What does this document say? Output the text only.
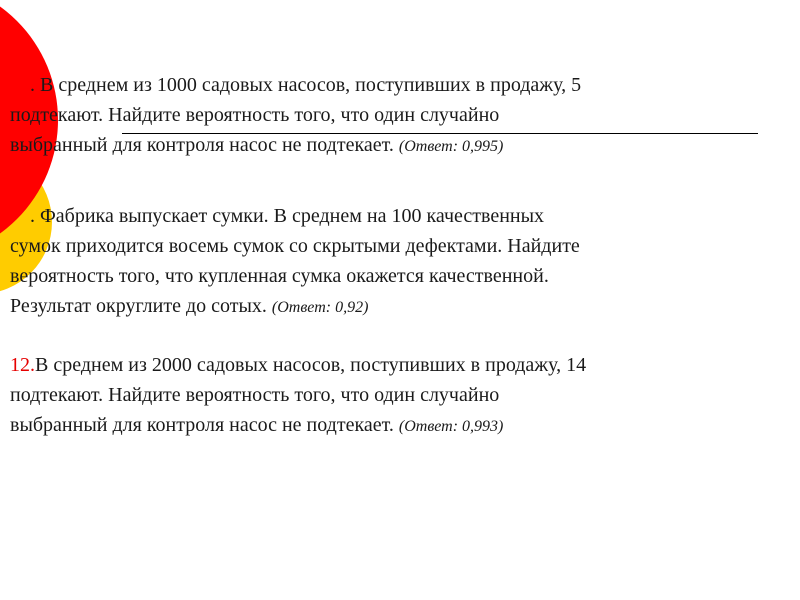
. В среднем из 1000 садовых насосов, поступивших в продажу, 5
подтекают. Найдите вероятность того, что один случайно
выбранный для контроля насос не подтекает. (Ответ: 0,995)
. Фабрика выпускает сумки. В среднем на 100 качественных
сумок приходится восемь сумок со скрытыми дефектами. Найдите
вероятность того, что купленная сумка окажется качественной.
Результат округлите до сотых. (Ответ: 0,92)
12.В среднем из 2000 садовых насосов, поступивших в продажу, 14
подтекают. Найдите вероятность того, что один случайно
выбранный для контроля насос не подтекает. (Ответ: 0,993)
